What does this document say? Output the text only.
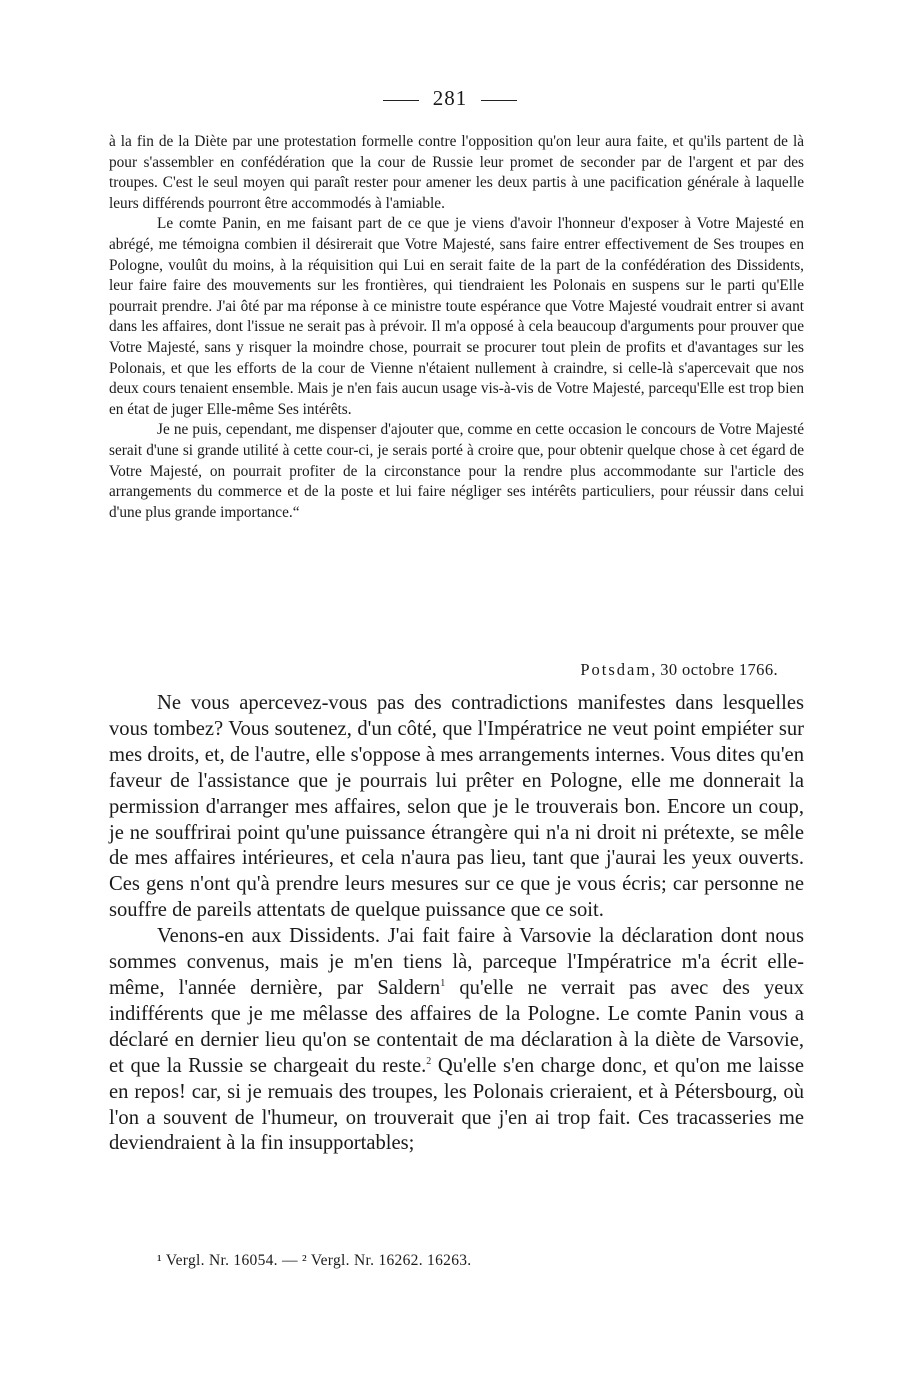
281

à la fin de la Diète par une protestation formelle contre l'opposition qu'on leur aura faite, et qu'ils partent de là pour s'assembler en confédération que la cour de Russie leur promet de seconder par de l'argent et par des troupes. C'est le seul moyen qui paraît rester pour amener les deux partis à une pacification générale à laquelle leurs différends pourront être accommodés à l'amiable.

Le comte Panin, en me faisant part de ce que je viens d'avoir l'honneur d'exposer à Votre Majesté en abrégé, me témoigna combien il désirerait que Votre Majesté, sans faire entrer effectivement de Ses troupes en Pologne, voulût du moins, à la réquisition qui Lui en serait faite de la part de la confédération des Dissidents, leur faire faire des mouvements sur les frontières, qui tiendraient les Polonais en suspens sur le parti qu'Elle pourrait prendre. J'ai ôté par ma réponse à ce ministre toute espérance que Votre Majesté voudrait entrer si avant dans les affaires, dont l'issue ne serait pas à prévoir. Il m'a opposé à cela beaucoup d'arguments pour prouver que Votre Majesté, sans y risquer la moindre chose, pourrait se procurer tout plein de profits et d'avantages sur les Polonais, et que les efforts de la cour de Vienne n'étaient nullement à craindre, si celle-là s'apercevait que nos deux cours tenaient ensemble. Mais je n'en fais aucun usage vis-à-vis de Votre Majesté, parcequ'Elle est trop bien en état de juger Elle-même Ses intérêts.

Je ne puis, cependant, me dispenser d'ajouter que, comme en cette occasion le concours de Votre Majesté serait d'une si grande utilité à cette cour-ci, je serais porté à croire que, pour obtenir quelque chose à cet égard de Votre Majesté, on pourrait profiter de la circonstance pour la rendre plus accommodante sur l'article des arrangements du commerce et de la poste et lui faire négliger ses intérêts particuliers, pour réussir dans celui d'une plus grande importance.“

Potsdam, 30 octobre 1766.

Ne vous apercevez-vous pas des contradictions manifestes dans lesquelles vous tombez? Vous soutenez, d'un côté, que l'Impératrice ne veut point empiéter sur mes droits, et, de l'autre, elle s'oppose à mes arrangements internes. Vous dites qu'en faveur de l'assistance que je pourrais lui prêter en Pologne, elle me donnerait la permission d'arranger mes affaires, selon que je le trouverais bon. Encore un coup, je ne souffrirai point qu'une puissance étrangère qui n'a ni droit ni prétexte, se mêle de mes affaires intérieures, et cela n'aura pas lieu, tant que j'aurai les yeux ouverts. Ces gens n'ont qu'à prendre leurs mesures sur ce que je vous écris; car personne ne souffre de pareils attentats de quelque puissance que ce soit.

Venons-en aux Dissidents. J'ai fait faire à Varsovie la déclaration dont nous sommes convenus, mais je m'en tiens là, parceque l'Impératrice m'a écrit elle-même, l'année dernière, par Saldern$^1$ qu'elle ne verrait pas avec des yeux indifférents que je me mêlasse des affaires de la Pologne. Le comte Panin vous a déclaré en dernier lieu qu'on se contentait de ma déclaration à la diète de Varsovie, et que la Russie se chargeait du reste.$^2$ Qu'elle s'en charge donc, et qu'on me laisse en repos! car, si je remuais des troupes, les Polonais crieraient, et à Pétersbourg, où l'on a souvent de l'humeur, on trouverait que j'en ai trop fait. Ces tracasseries me deviendraient à la fin insupportables;

¹ Vergl. Nr. 16054. — ² Vergl. Nr. 16262. 16263.
